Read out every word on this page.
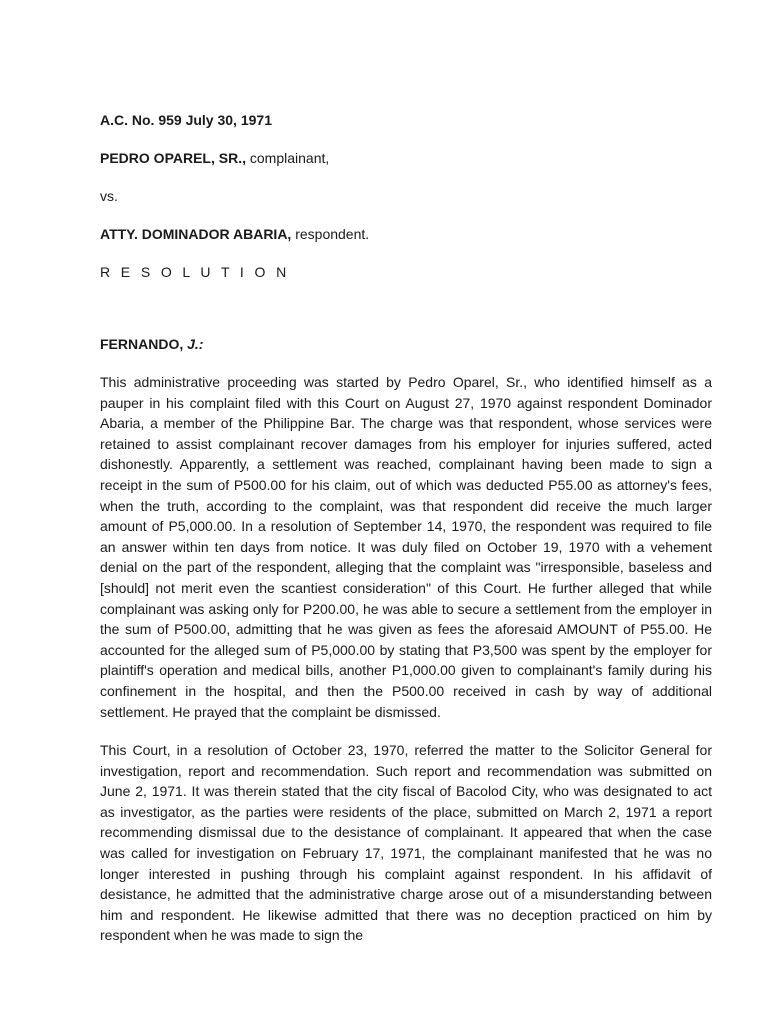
A.C. No. 959 July 30, 1971

PEDRO OPAREL, SR., complainant,

vs.

ATTY. DOMINADOR ABARIA, respondent.

R E S O L U T I O N

FERNANDO, J.:

This administrative proceeding was started by Pedro Oparel, Sr., who identified himself as a pauper in his complaint filed with this Court on August 27, 1970 against respondent Dominador Abaria, a member of the Philippine Bar. The charge was that respondent, whose services were retained to assist complainant recover damages from his employer for injuries suffered, acted dishonestly. Apparently, a settlement was reached, complainant having been made to sign a receipt in the sum of P500.00 for his claim, out of which was deducted P55.00 as attorney's fees, when the truth, according to the complaint, was that respondent did receive the much larger amount of P5,000.00. In a resolution of September 14, 1970, the respondent was required to file an answer within ten days from notice. It was duly filed on October 19, 1970 with a vehement denial on the part of the respondent, alleging that the complaint was "irresponsible, baseless and [should] not merit even the scantiest consideration" of this Court. He further alleged that while complainant was asking only for P200.00, he was able to secure a settlement from the employer in the sum of P500.00, admitting that he was given as fees the aforesaid AMOUNT of P55.00. He accounted for the alleged sum of P5,000.00 by stating that P3,500 was spent by the employer for plaintiff's operation and medical bills, another P1,000.00 given to complainant's family during his confinement in the hospital, and then the P500.00 received in cash by way of additional settlement. He prayed that the complaint be dismissed.

This Court, in a resolution of October 23, 1970, referred the matter to the Solicitor General for investigation, report and recommendation. Such report and recommendation was submitted on June 2, 1971. It was therein stated that the city fiscal of Bacolod City, who was designated to act as investigator, as the parties were residents of the place, submitted on March 2, 1971 a report recommending dismissal due to the desistance of complainant. It appeared that when the case was called for investigation on February 17, 1971, the complainant manifested that he was no longer interested in pushing through his complaint against respondent. In his affidavit of desistance, he admitted that the administrative charge arose out of a misunderstanding between him and respondent. He likewise admitted that there was no deception practiced on him by respondent when he was made to sign the
